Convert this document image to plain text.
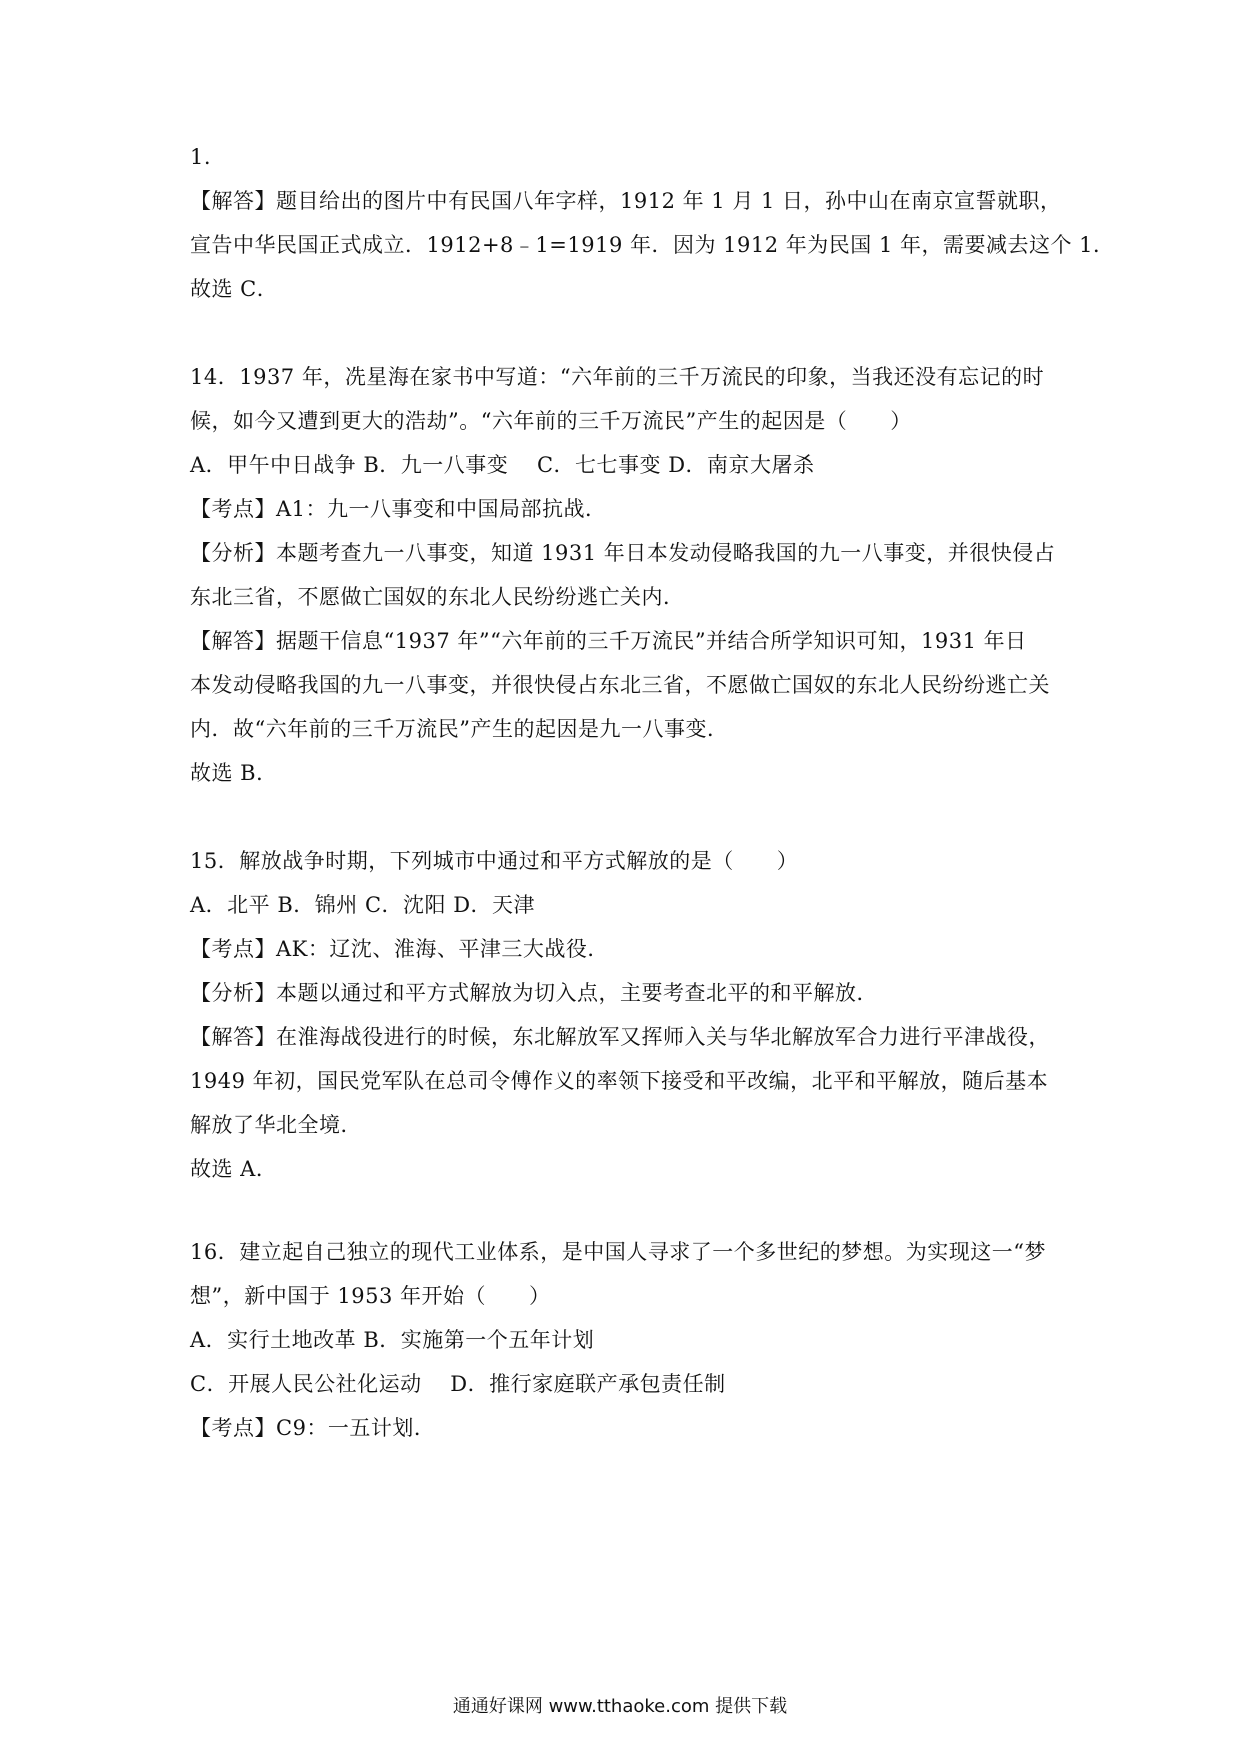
1.
【解答】题目给出的图片中有民国八年字样，1912 年 1 月 1 日，孙中山在南京宣誓就职，
宣告中华民国正式成立．1912+8﹣1=1919 年．因为 1912 年为民国 1 年，需要减去这个 1．
故选 C．
14．1937 年，冼星海在家书中写道：“六年前的三千万流民的印象，当我还没有忘记的时
候，如今又遭到更大的浩劫”。“六年前的三千万流民”产生的起因是（　　）
A．甲午中日战争 B．九一八事变　 C．七七事变 D．南京大屠杀
【考点】A1：九一八事变和中国局部抗战．
【分析】本题考查九一八事变，知道 1931 年日本发动侵略我国的九一八事变，并很快侵占
东北三省，不愿做亡国奴的东北人民纷纷逃亡关内．
【解答】据题干信息“1937 年”“六年前的三千万流民”并结合所学知识可知，1931 年日
本发动侵略我国的九一八事变，并很快侵占东北三省，不愿做亡国奴的东北人民纷纷逃亡关
内．故“六年前的三千万流民”产生的起因是九一八事变．
故选 B．
15．解放战争时期，下列城市中通过和平方式解放的是（　　）
A．北平 B．锦州 C．沈阳 D．天津
【考点】AK：辽沈、淮海、平津三大战役．
【分析】本题以通过和平方式解放为切入点，主要考查北平的和平解放．
【解答】在淮海战役进行的时候，东北解放军又挥师入关与华北解放军合力进行平津战役，
1949 年初，国民党军队在总司令傅作义的率领下接受和平改编，北平和平解放，随后基本
解放了华北全境．
故选 A．
16．建立起自己独立的现代工业体系，是中国人寻求了一个多世纪的梦想。为实现这一“梦
想”，新中国于 1953 年开始（　　）
A．实行土地改革 B．实施第一个五年计划
C．开展人民公社化运动　 D．推行家庭联产承包责任制
【考点】C9：一五计划．
通通好课网 www.tthaoke.com 提供下载
